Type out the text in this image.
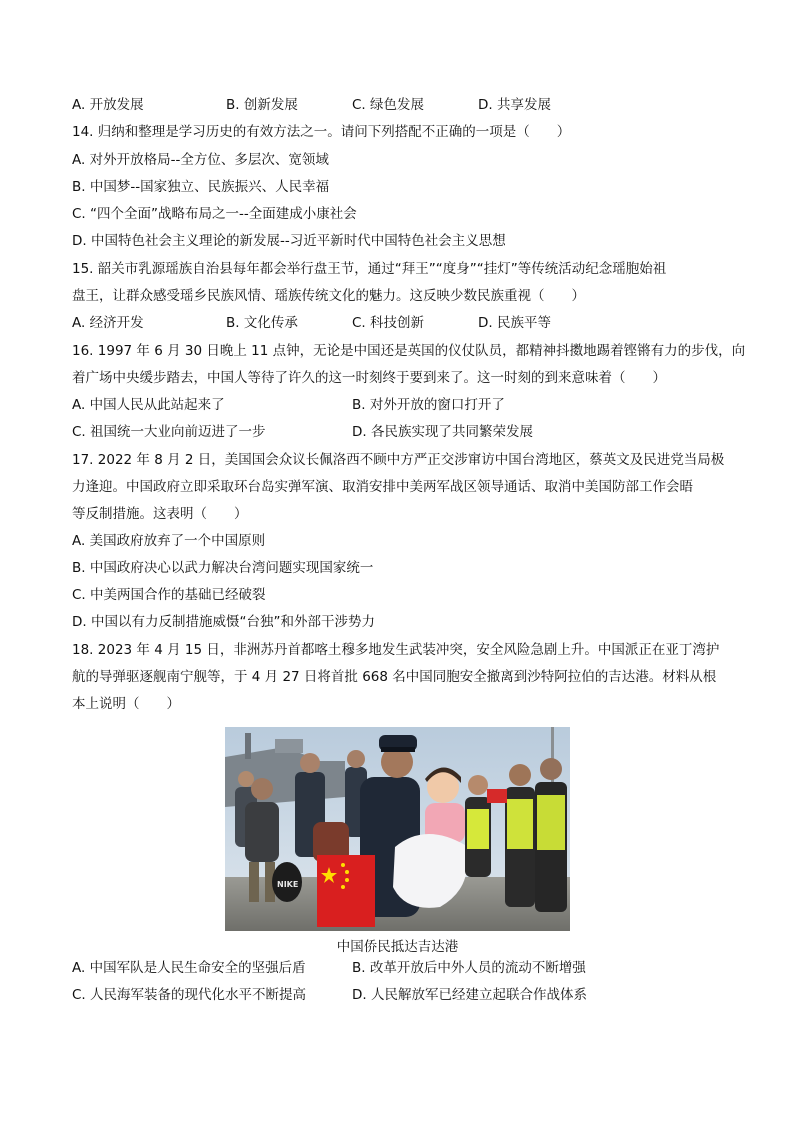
A. 开放发展	B. 创新发展	C. 绿色发展	D. 共享发展
14. 归纳和整理是学习历史的有效方法之一。请问下列搭配不正确的一项是（　　）
A. 对外开放格局--全方位、多层次、宽领域
B. 中国梦--国家独立、民族振兴、人民幸福
C. “四个全面”战略布局之一--全面建成小康社会
D. 中国特色社会主义理论的新发展--习近平新时代中国特色社会主义思想
15. 韶关市乳源瑶族自治县每年都会举行盘王节，通过“拜王”“度身”“挂灯”等传统活动纪念瑶胞始祖
盘王，让群众感受瑶乡民族风情、瑶族传统文化的魅力。这反映少数民族重视（　　）
A. 经济开发	B. 文化传承	C. 科技创新	D. 民族平等
16. 1997 年 6 月 30 日晚上 11 点钟，无论是中国还是英国的仪仗队员，都精神抖擞地踢着铿锵有力的步伐，向
着广场中央缓步踏去，中国人等待了许久的这一时刻终于要到来了。这一时刻的到来意味着（　　）
A. 中国人民从此站起来了	B. 对外开放的窗口打开了
C. 祖国统一大业向前迈进了一步	D. 各民族实现了共同繁荣发展
17. 2022 年 8 月 2 日，美国国会众议长佩洛西不顾中方严正交涉窜访中国台湾地区，蔡英文及民进党当局极
力逢迎。中国政府立即采取环台岛实弹军演、取消安排中美两军战区领导通话、取消中美国防部工作会晤
等反制措施。这表明（　　）
A. 美国政府放弃了一个中国原则
B. 中国政府决心以武力解决台湾问题实现国家统一
C. 中美两国合作的基础已经破裂
D. 中国以有力反制措施威慑“台独”和外部干涉势力
18. 2023 年 4 月 15 日，非洲苏丹首都喀土穆多地发生武装冲突，安全风险急剧上升。中国派正在亚丁湾护
航的导弹驱逐舰南宁舰等，于 4 月 27 日将首批 668 名中国同胞安全撤离到沙特阿拉伯的吉达港。材料从根
本上说明（　　）
NIKE
中国侨民抵达吉达港
A. 中国军队是人民生命安全的坚强后盾	B. 改革开放后中外人员的流动不断增强
C. 人民海军装备的现代化水平不断提高	D. 人民解放军已经建立起联合作战体系
